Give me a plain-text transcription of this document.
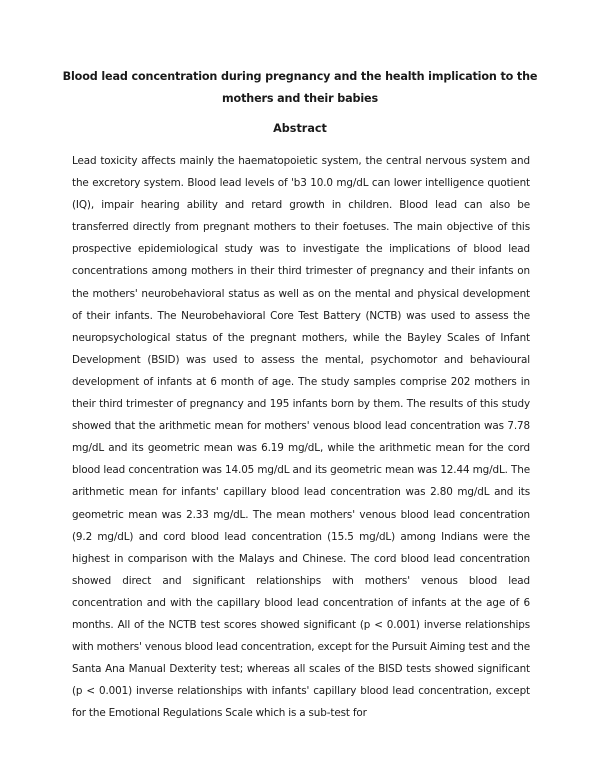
Blood lead concentration during pregnancy and the health implication to the mothers and their babies
Abstract
Lead toxicity affects mainly the haematopoietic system, the central nervous system and the excretory system. Blood lead levels of 'b3 10.0 mg/dL can lower intelligence quotient (IQ), impair hearing ability and retard growth in children. Blood lead can also be transferred directly from pregnant mothers to their foetuses. The main objective of this prospective epidemiological study was to investigate the implications of blood lead concentrations among mothers in their third trimester of pregnancy and their infants on the mothers' neurobehavioral status as well as on the mental and physical development of their infants. The Neurobehavioral Core Test Battery (NCTB) was used to assess the neuropsychological status of the pregnant mothers, while the Bayley Scales of Infant Development (BSID) was used to assess the mental, psychomotor and behavioural development of infants at 6 month of age. The study samples comprise 202 mothers in their third trimester of pregnancy and 195 infants born by them. The results of this study showed that the arithmetic mean for mothers' venous blood lead concentration was 7.78 mg/dL and its geometric mean was 6.19 mg/dL, while the arithmetic mean for the cord blood lead concentration was 14.05 mg/dL and its geometric mean was 12.44 mg/dL. The arithmetic mean for infants' capillary blood lead concentration was 2.80 mg/dL and its geometric mean was 2.33 mg/dL. The mean mothers' venous blood lead concentration (9.2 mg/dL) and cord blood lead concentration (15.5 mg/dL) among Indians were the highest in comparison with the Malays and Chinese. The cord blood lead concentration showed direct and significant relationships with mothers' venous blood lead concentration and with the capillary blood lead concentration of infants at the age of 6 months. All of the NCTB test scores showed significant (p < 0.001) inverse relationships with mothers' venous blood lead concentration, except for the Pursuit Aiming test and the Santa Ana Manual Dexterity test; whereas all scales of the BISD tests showed significant (p < 0.001) inverse relationships with infants' capillary blood lead concentration, except for the Emotional Regulations Scale which is a sub-test for
